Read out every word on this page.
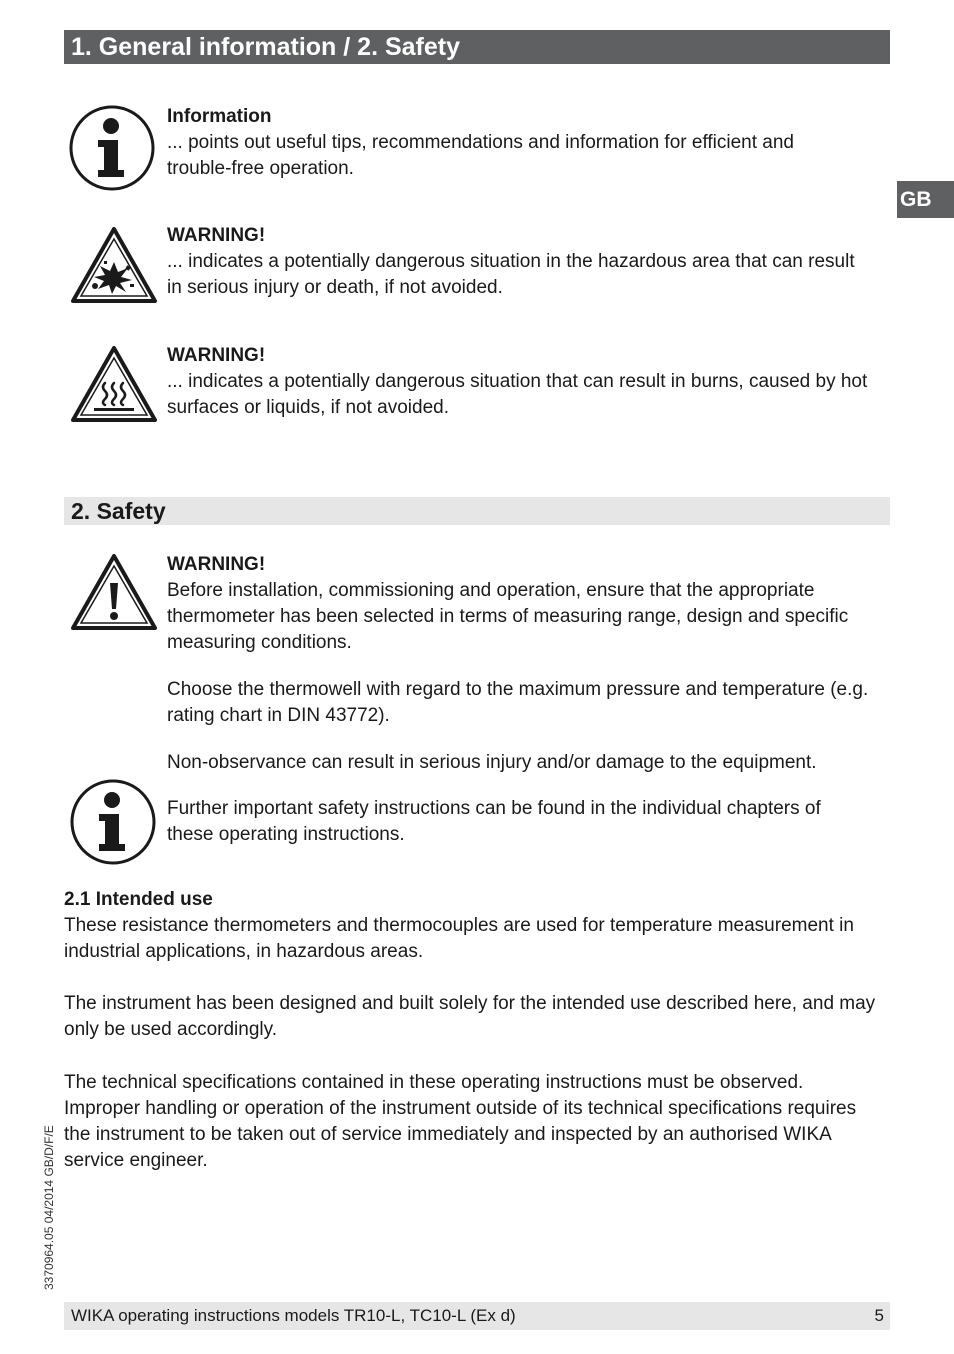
1. General information / 2. Safety
GB
Information
... points out useful tips, recommendations and information for efficient and trouble-free operation.
WARNING!
... indicates a potentially dangerous situation in the hazardous area that can result in serious injury or death, if not avoided.
WARNING!
... indicates a potentially dangerous situation that can result in burns, caused by hot surfaces or liquids, if not avoided.
2. Safety
WARNING!
Before installation, commissioning and operation, ensure that the appropriate thermometer has been selected in terms of measuring range, design and specific measuring conditions.
Choose the thermowell with regard to the maximum pressure and temperature (e.g. rating chart in DIN 43772).
Non-observance can result in serious injury and/or damage to the equipment.
Further important safety instructions can be found in the individual chapters of these operating instructions.
2.1 Intended use
These resistance thermometers and thermocouples are used for temperature measurement in industrial applications, in hazardous areas.
The instrument has been designed and built solely for the intended use described here, and may only be used accordingly.
The technical specifications contained in these operating instructions must be observed. Improper handling or operation of the instrument outside of its technical specifications requires the instrument to be taken out of service immediately and inspected by an authorised WIKA service engineer.
3370964.05 04/2014 GB/D/F/E
WIKA operating instructions models TR10-L, TC10-L (Ex d)	5
